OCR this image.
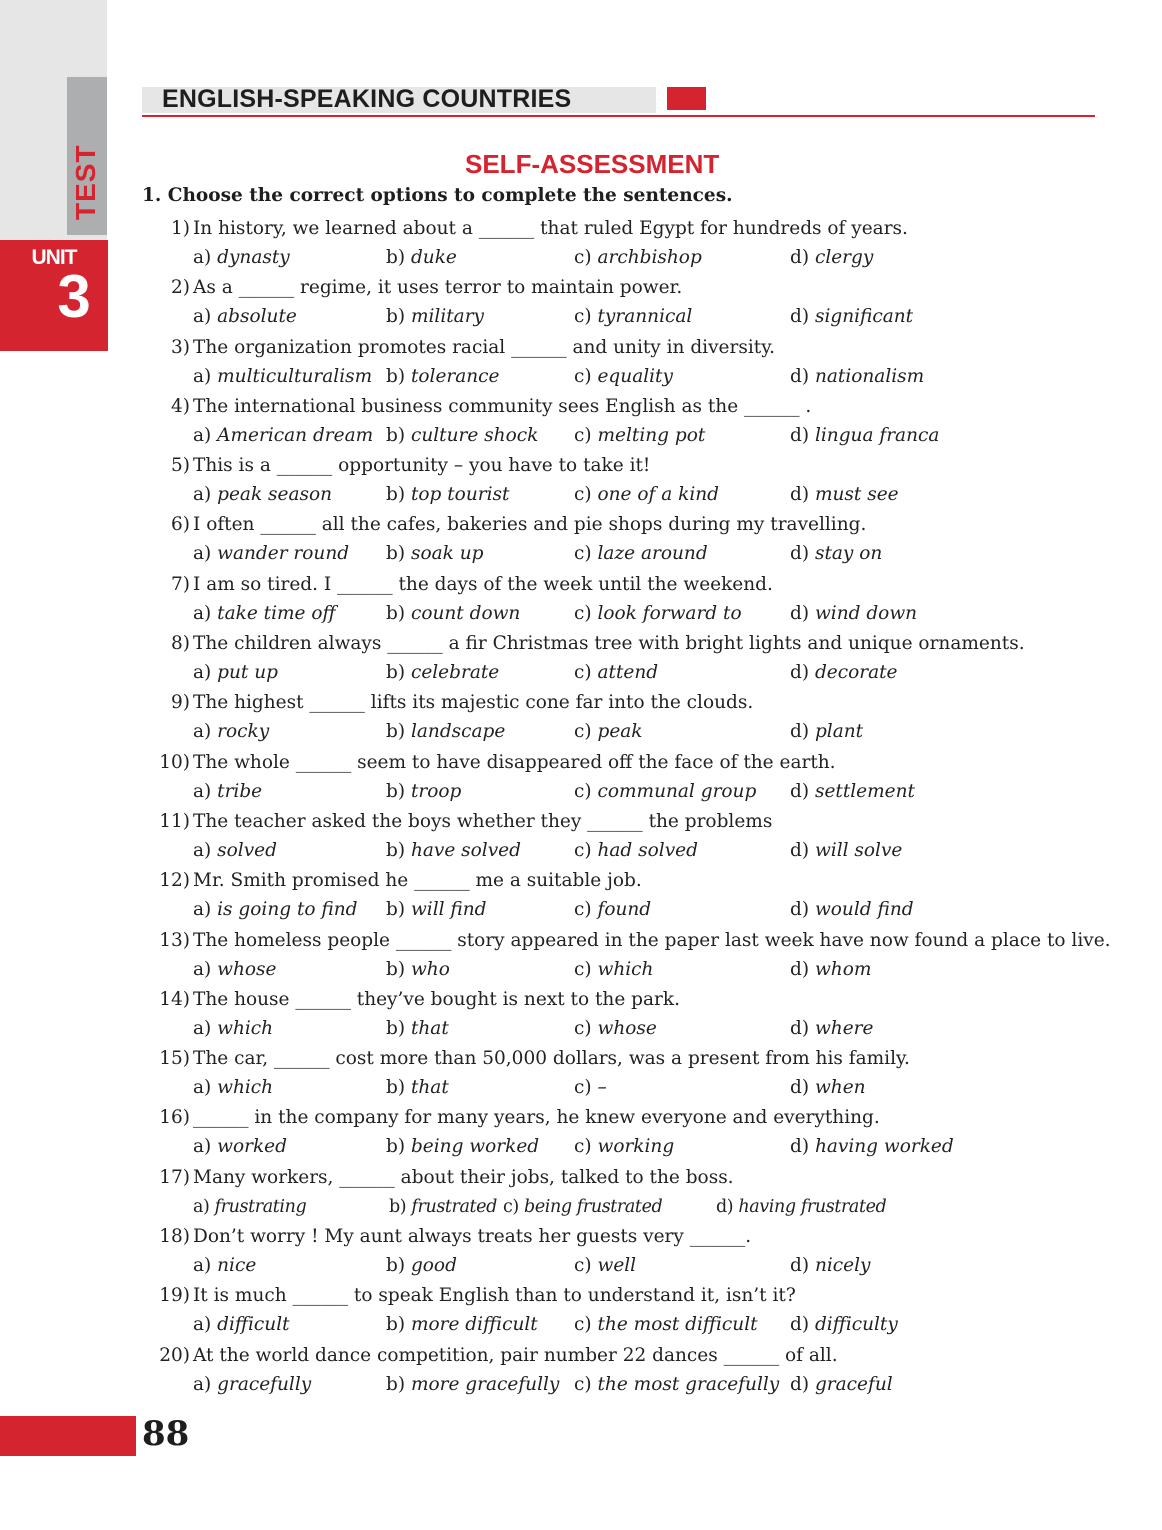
TEST
UNIT
3
ENGLISH-SPEAKING COUNTRIES
SELF-ASSESSMENT
1. Choose the correct options to complete the sentences.
1) In history, we learned about a ______ that ruled Egypt for hundreds of years.
a) dynasty	b) duke	c) archbishop	d) clergy
2) As a ______ regime, it uses terror to maintain power.
a) absolute	b) military	c) tyrannical	d) significant
3) The organization promotes racial ______ and unity in diversity.
a) multiculturalism b) tolerance	c) equality	d) nationalism
4) The international business community sees English as the ______ .
a) American dream b) culture shock c) melting pot	d) lingua franca
5) This is a ______ opportunity – you have to take it!
a) peak season	b) top tourist	c) one of a kind	d) must see
6) I often ______ all the cafes, bakeries and pie shops during my travelling.
a) wander round b) soak up	c) laze around	d) stay on
7) I am so tired. I ______ the days of the week until the weekend.
a) take time off	b) count down	c) look forward to	d) wind down
8) The children always ______ a fir Christmas tree with bright lights and unique ornaments.
a) put up	b) celebrate	c) attend	d) decorate
9) The highest ______ lifts its majestic cone far into the clouds.
a) rocky	b) landscape	c) peak	d) plant
10) The whole ______ seem to have disappeared off the face of the earth.
a) tribe	b) troop	c) communal group d) settlement
11) The teacher asked the boys whether they ______ the problems
a) solved	b) have solved	c) had solved	d) will solve
12) Mr. Smith promised he ______ me a suitable job.
a) is going to find b) will find	c) found	d) would find
13) The homeless people ______ story appeared in the paper last week have now found a place to live.
a) whose	b) who	c) which	d) whom
14) The house ______ they’ve bought is next to the park.
a) which	b) that	c) whose	d) where
15) The car, ______ cost more than 50,000 dollars, was a present from his family.
a) which	b) that	c) –	d) when
16) ______ in the company for many years, he knew everyone and everything.
a) worked	b) being worked c) working	d) having worked
17) Many workers, ______ about their jobs, talked to the boss.
a) frustrating	b) frustrated c) being frustrated	d) having frustrated
18) Don’t worry ! My aunt always treats her guests very ______.
a) nice	b) good	c) well	d) nicely
19) It is much ______ to speak English than to understand it, isn’t it?
a) difficult	b) more difficult c) the most difficult d) difficulty
20) At the world dance competition, pair number 22 dances ______ of all.
a) gracefully	b) more gracefully c) the most gracefully d) graceful
88
